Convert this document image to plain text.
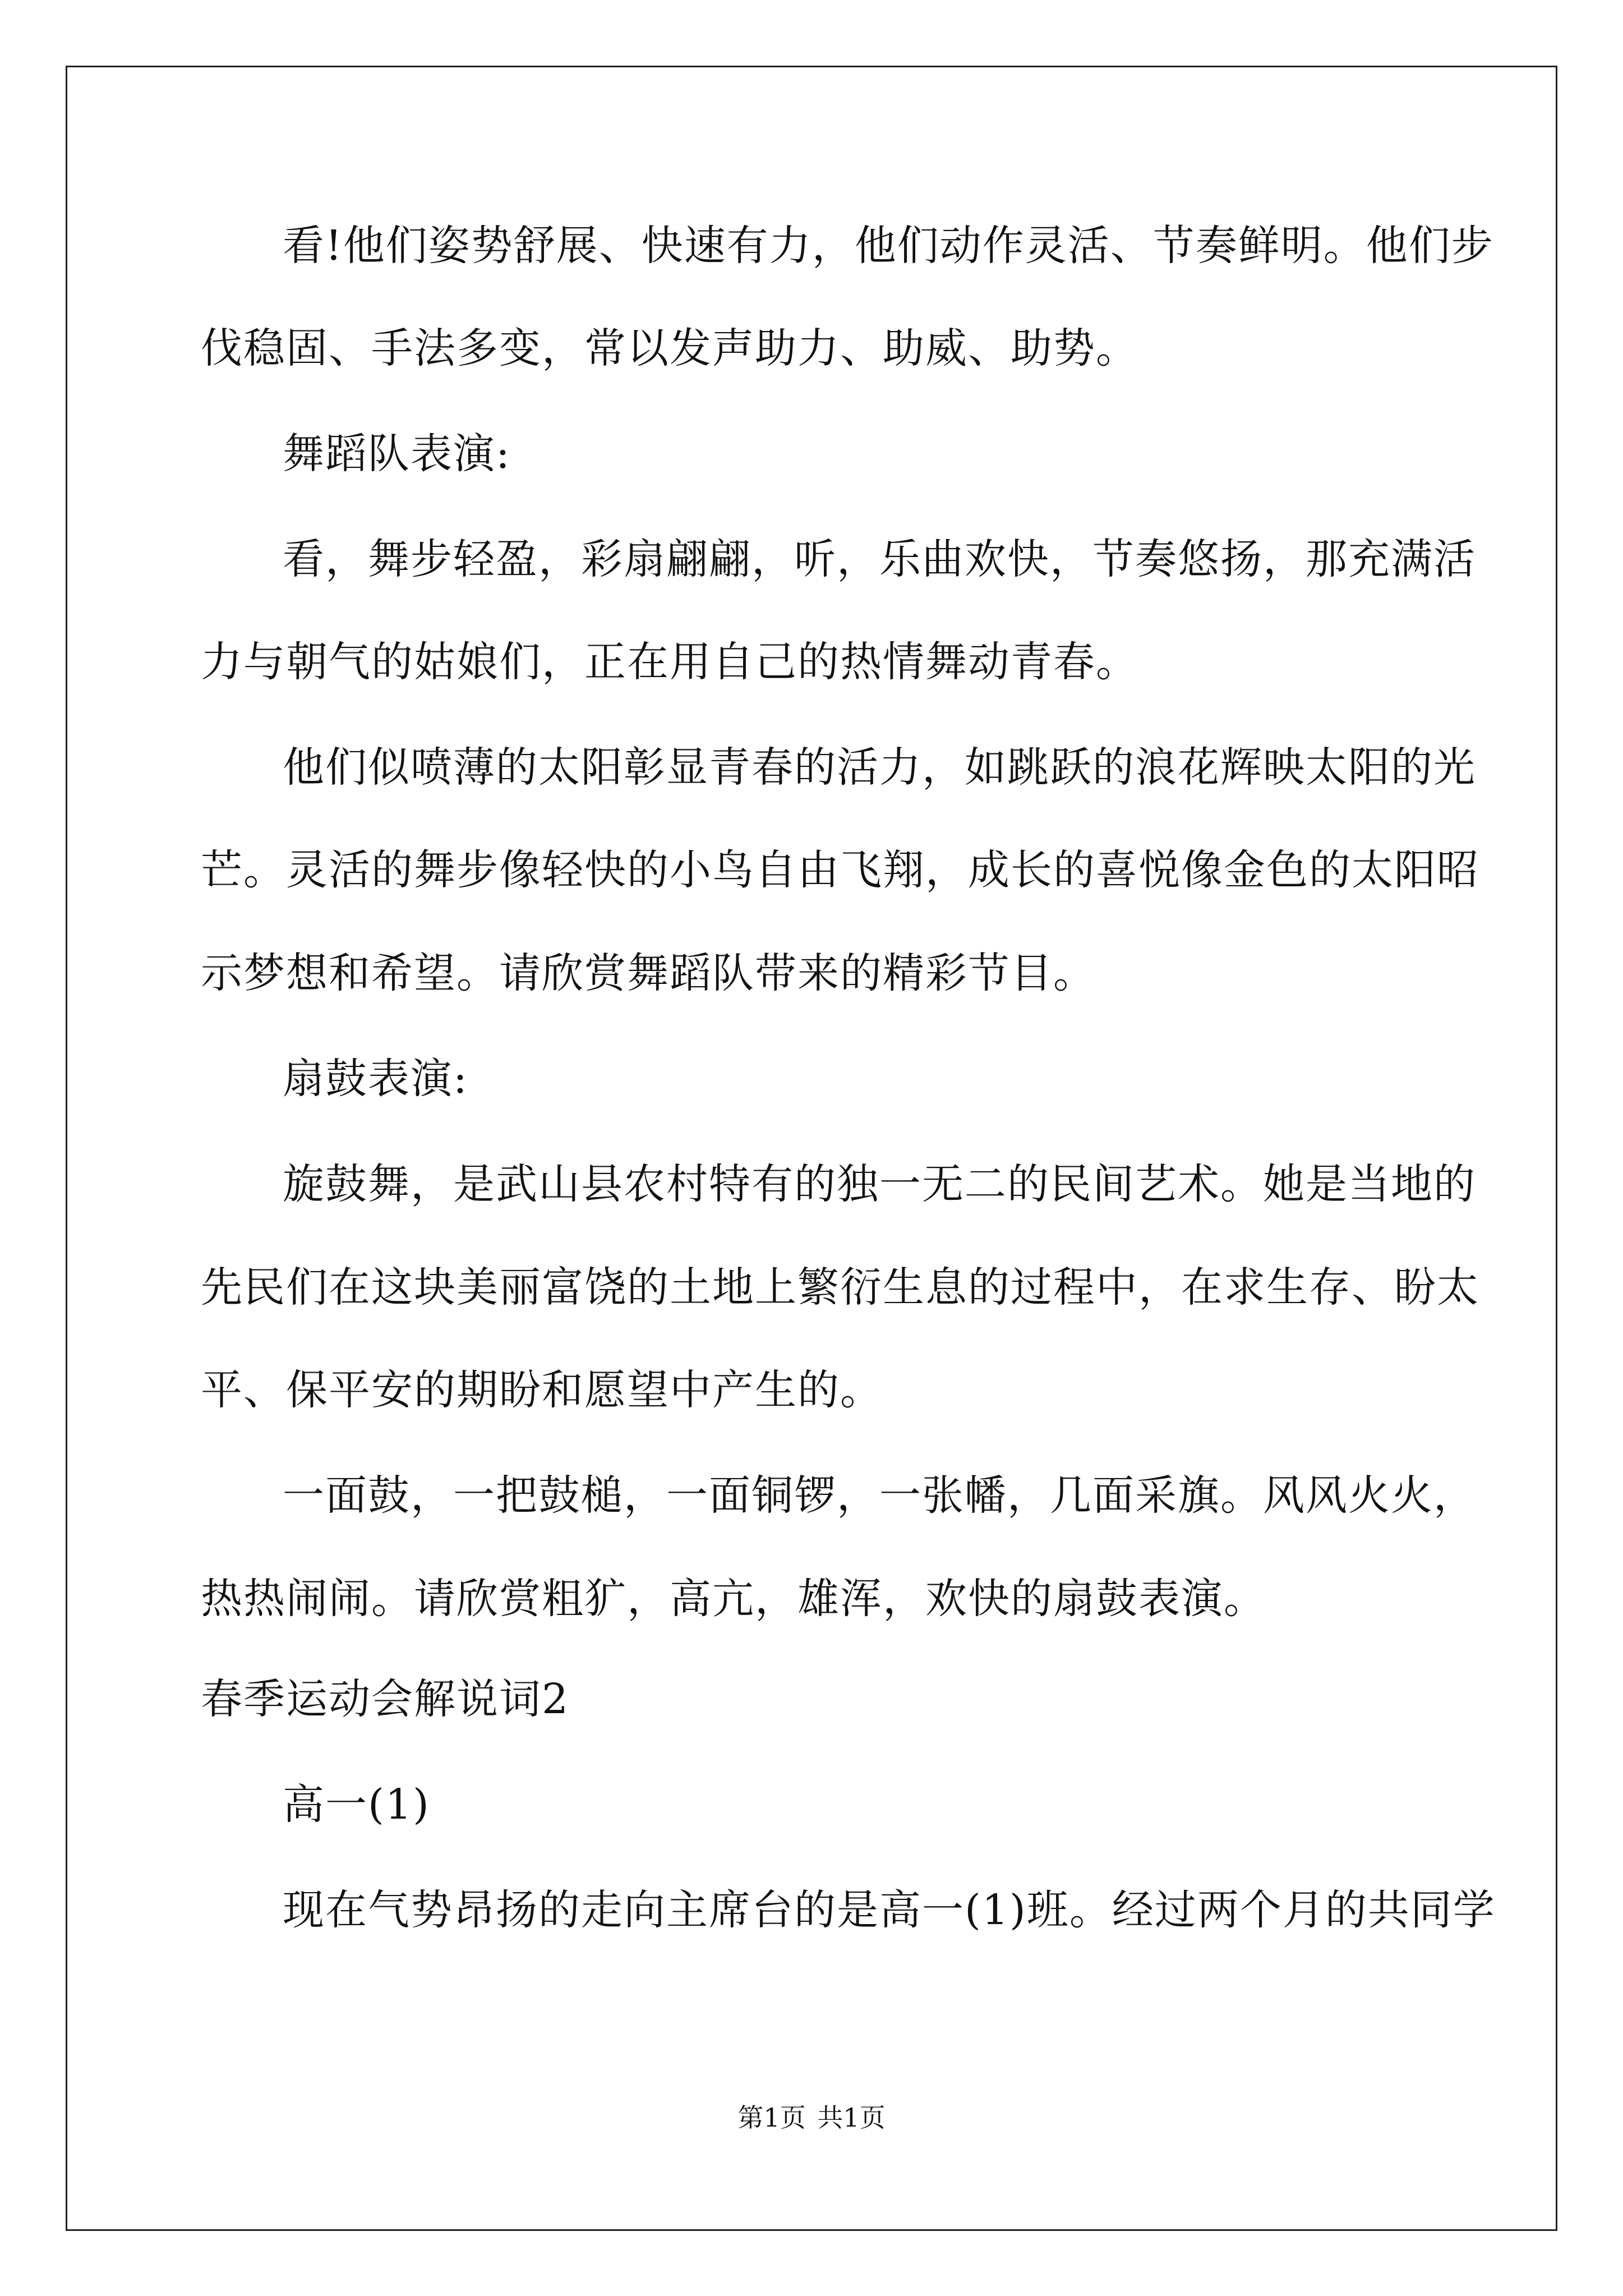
看!他们姿势舒展、快速有力，他们动作灵活、节奏鲜明。他们步
伐稳固、手法多变，常以发声助力、助威、助势。
舞蹈队表演:
看，舞步轻盈，彩扇翩翩，听，乐曲欢快，节奏悠扬，那充满活
力与朝气的姑娘们，正在用自己的热情舞动青春。
他们似喷薄的太阳彰显青春的活力，如跳跃的浪花辉映太阳的光
芒。灵活的舞步像轻快的小鸟自由飞翔，成长的喜悦像金色的太阳昭
示梦想和希望。请欣赏舞蹈队带来的精彩节目。
扇鼓表演:
旋鼓舞，是武山县农村特有的独一无二的民间艺术。她是当地的
先民们在这块美丽富饶的土地上繁衍生息的过程中，在求生存、盼太
平、保平安的期盼和愿望中产生的。
一面鼓，一把鼓槌，一面铜锣，一张幡，几面采旗。风风火火，
热热闹闹。请欣赏粗犷，高亢，雄浑，欢快的扇鼓表演。
春季运动会解说词2
高一(1)
现在气势昂扬的走向主席台的是高一(1)班。经过两个月的共同学
第1页 共1页
